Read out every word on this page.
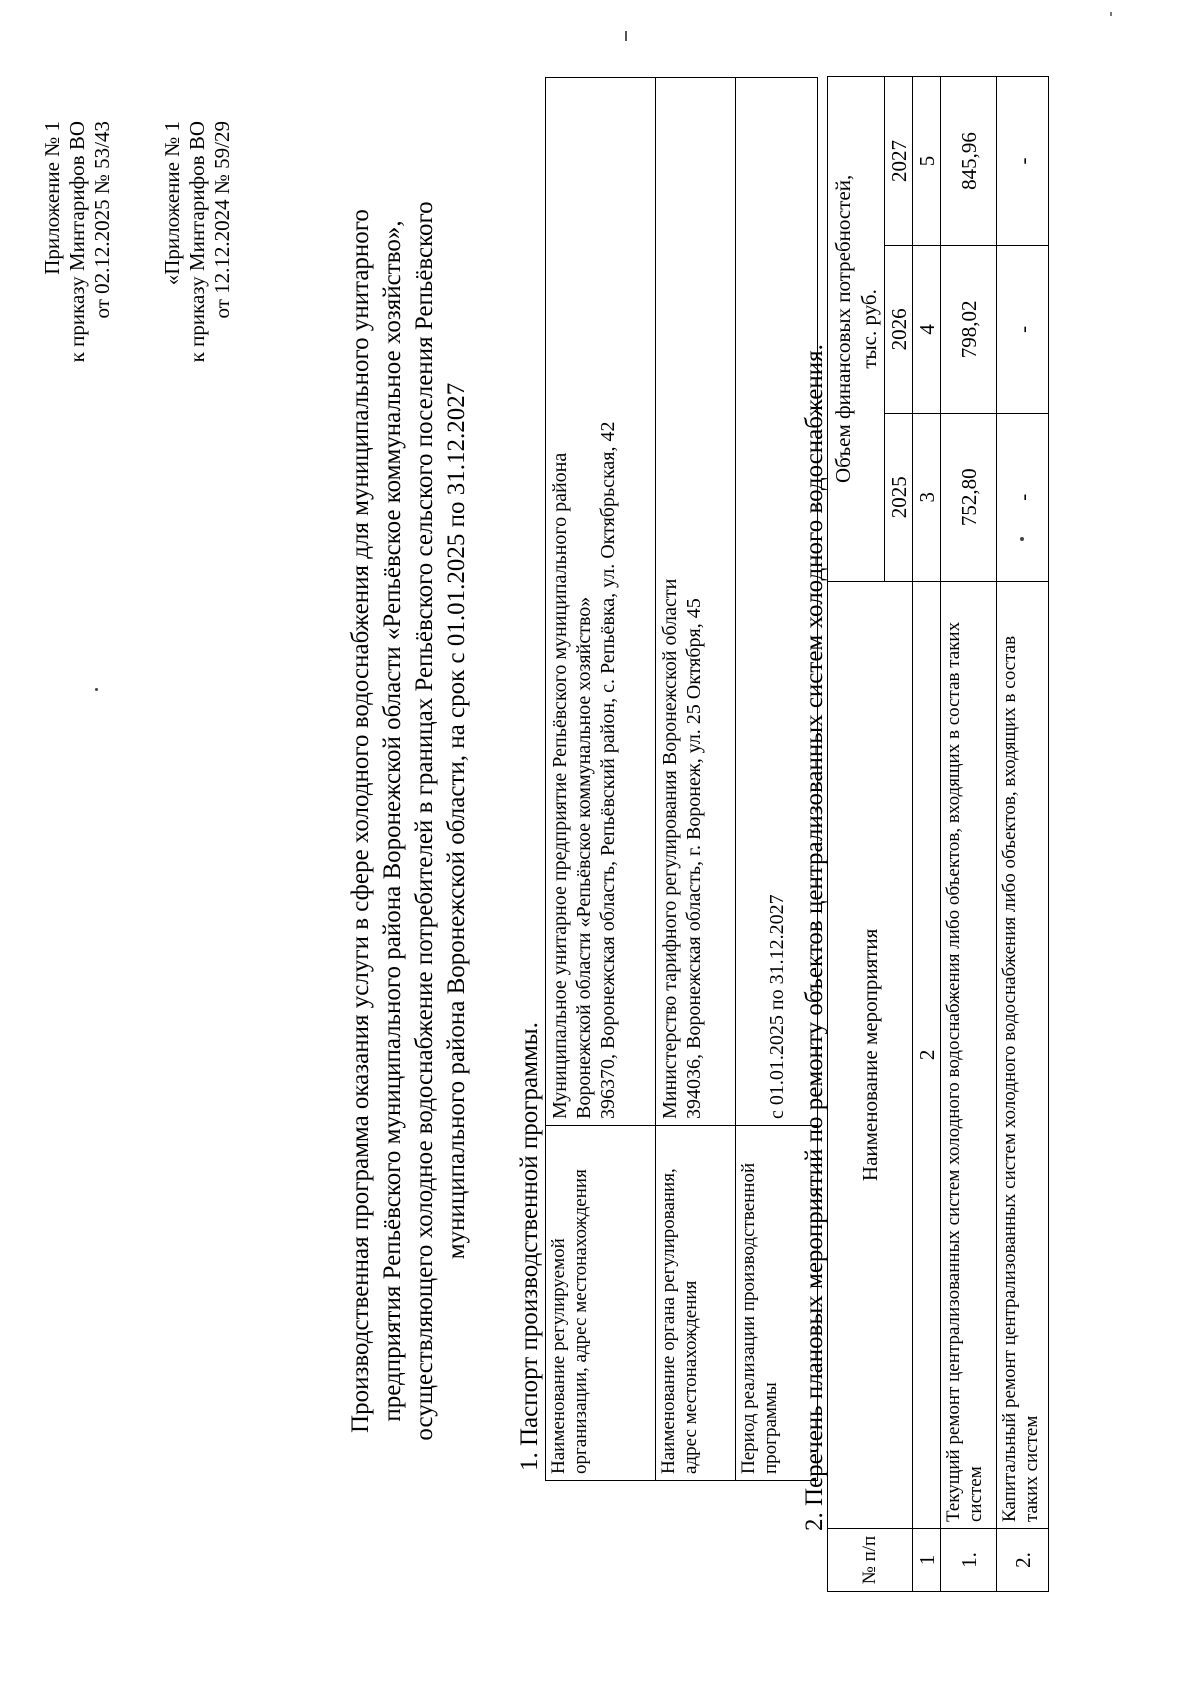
Приложение № 1 к приказу Минтарифов ВО от 02.12.2025 № 53/43 «Приложение № 1 к приказу Минтарифов ВО от 12.12.2024 № 59/29	Производственная программа оказания услуги в сфере холодного водоснабжения для муниципального унитарного предприятия Репьёвского муниципального района Воронежской области «Репьёвское коммунальное хозяйство», осуществляющего холодное водоснабжение потребителей в границах Репьёвского сельского поселения Репьёвского муниципального района Воронежской области, на срок с 01.01.2025 по 31.12.2027 1. Паспорт производственной программы. Наименование регулируемой организации, адрес местонахождения	Муниципальное унитарное предприятие Репьёвского муниципального района Воронежской области «Репьёвское коммунальное хозяйство» 396370, Воронежская область, Репьёвский район, с. Репьёвка, ул. Октябрьская, 42

Наименование органа регулирования, адрес местонахождения	Министерство тарифного регулирования Воронежской области 394036, Воронежская область, г. Воронеж, ул. 25 Октября, 45

Период реализации производственной программы	с 01.01.2025 по 31.12.2027 2. Перечень плановых мероприятий по ремонту объектов централизованных систем холодного водоснабжения.
№ п/п	Наименование мероприятия	Объем финансовых потребностей, тыс. руб.		

		2025	2026	2027
1	2	3	4	5
1.	Текущий ремонт централизованных систем холодного водоснабжения либо объектов, входящих в состав таких систем	752,80	798,02	845,96
2.	Капитальный ремонт централизованных систем холодного водоснабжения либо объектов, входящих в состав таких систем	-	-	-
